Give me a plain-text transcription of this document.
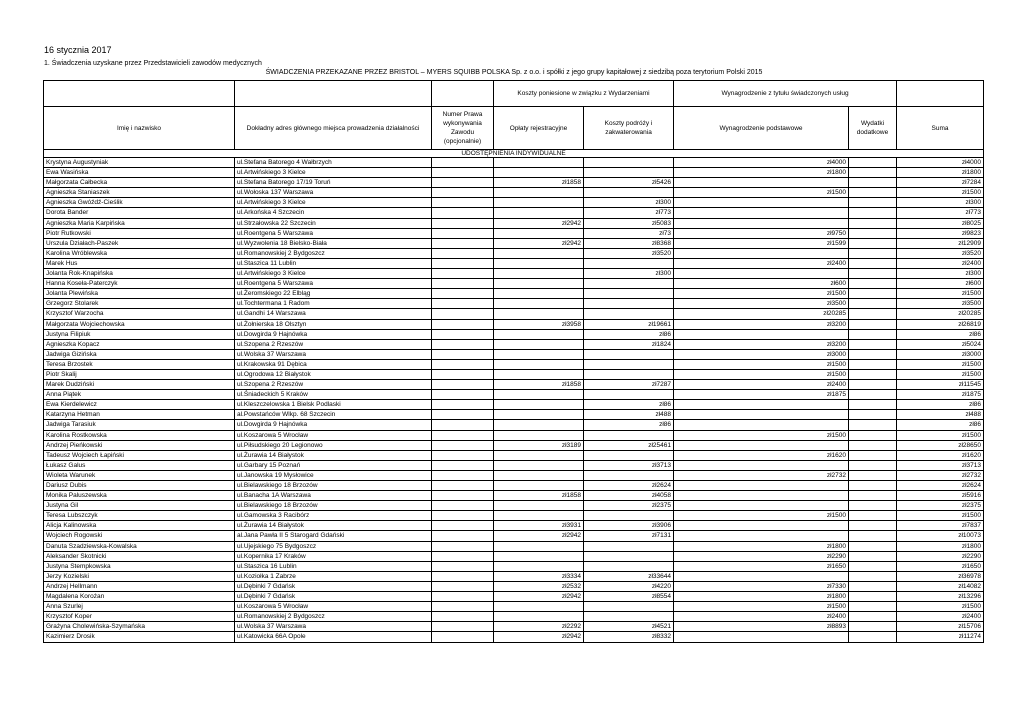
16 stycznia 2017
1. Świadczenia uzyskane przez Przedstawicieli zawodów medycznych
ŚWIADCZENIA PRZEKAZANE PRZEZ BRISTOL – MYERS SQUIBB POLSKA Sp. z o.o. i spółki z jego grupy kapitałowej z siedzibą poza terytorium Polski 2015
			Koszty poniesione w związku z Wydarzeniami		Wynagrodzenie z tytułu świadczonych usług		
Imię i nazwisko	Dokładny adres głównego miejsca prowadzenia działalności	Numer Prawa wykonywania Zawodu (opcjonalnie)	Opłaty rejestracyjne	Koszty podróży i zakwaterowania	Wynagrodzenie podstawowe	Wydatki dodatkowe	Suma
UDOSTĘPNIENIA INDYWIDUALNE							
Krystyna Augustyniak	ul.Stefana Batorego 4 Wałbrzych				zł4000		zł4000
Ewa Wasińska	ul.Artwińskiego 3 Kielce				zł1800		zł1800
Małgorzata Całbecka	ul.Stefana Batorego 17/19 Toruń		zł1858	zł5426			zł7284
Agnieszka Staniaszek	ul.Wołoska 137 Warszawa				zł1500		zł1500
Agnieszka Gwóźdź-Cieślik	ul.Artwińskiego 3 Kielce			zł300			zł300
Dorota Bander	ul.Arkońska 4 Szczecin			zł773			zł773
Agnieszka Maria Karpińska	ul.Strzałowska 22 Szczecin		zł2942	zł5083			zł8025
Piotr Rutkowski	ul.Roentgena 5 Warszawa			zł73	zł9750		zł9823
Urszula Działach-Paszek	ul.Wyzwolenia 18 Bielsko-Biała		zł2942	zł8368	zł1599		zł12909
Karolina Wróblewska	ul.Romanowskiej 2 Bydgoszcz			zł3520			zł3520
Marek Hus	ul.Staszica 11 Lublin				zł2400		zł2400
Jolanta Rok-Knapińska	ul.Artwińskiego 3 Kielce			zł300			zł300
Hanna Koseła-Paterczyk	ul.Roentgena 5 Warszawa				zł600		zł600
Jolanta Plewińska	ul.Żeromskiego 22 Elbląg				zł1500		zł1500
Grzegorz Stolarek	ul.Tochtermana 1 Radom				zł3500		zł3500
Krzysztof Warzocha	ul.Gandhi 14 Warszawa				zł20285		zł20285
Małgorzata Wojciechowska	ul.Żołnierska 18 Olsztyn		zł3958	zł19661	zł3200		zł26819
Justyna Filipiuk	ul.Dowgirda 9 Hajnówka			zł86			zł86
Agnieszka Kopacz	ul.Szopena 2 Rzeszów			zł1824	zł3200		zł5024
Jadwiga Gizińska	ul.Wolska 37 Warszawa				zł3000		zł3000
Teresa Brzostek	ul.Krakowska 91 Dębica				zł1500		zł1500
Piotr Skalij	ul.Ogrodowa 12 Białystok				zł1500		zł1500
Marek Dudziński	ul.Szopena 2 Rzeszów		zł1858	zł7287	zł2400		zł11545
Anna Piątek	ul.Śniadeckich 5 Kraków				zł1875		zł1875
Ewa Kierdelewicz	ul.Kleszczelowska 1 Bielsk Podlaski			zł86			zł86
Katarzyna Hetman	al.Powstańców Wlkp. 68 Szczecin			zł488			zł488
Jadwiga Tarasiuk	ul.Dowgirda 9 Hajnówka			zł86			zł86
Karolina Rostkowska	ul.Koszarowa 5 Wrocław				zł1500		zł1500
Andrzej Pieńkowski	ul.Piłsudskiego 20 Legionowo		zł3189	zł25461			zł28650
Tadeusz Wojciech Łapiński	ul.Żurawia 14 Białystok				zł1620		zł1620
Łukasz Galus	ul.Garbary 15 Poznań			zł3713			zł3713
Wioleta Warunek	ul.Janowska 19 Mysłowice				zł2732		zł2732
Dariusz Dubis	ul.Bielawskiego 18 Brzozów			zł2624			zł2624
Monika Paluszewska	ul.Banacha 1A Warszawa		zł1858	zł4058			zł5916
Justyna Gil	ul.Bielawskiego 18 Brzozów			zł2375			zł2375
Teresa Lubszczyk	ul.Gamowska 3 Racibórz				zł1500		zł1500
Alicja Kalinowska	ul.Żurawia 14 Białystok		zł3931	zł3906			zł7837
Wojciech Rogowski	al.Jana Pawła II 5 Starogard Gdański		zł2942	zł7131			zł10073
Danuta Szadziewska-Kowalska	ul.Ujejskiego 75 Bydgoszcz				zł1800		zł1800
Aleksander Skotnicki	ul.Kopernika 17 Kraków				zł2290		zł2290
Justyna Stempkowska	ul.Staszica 16 Lublin				zł1650		zł1650
Jerzy Kozielski	ul.Koziołka 1 Zabrze		zł3334	zł33644			zł36978
Andrzej Hellmann	ul.Dębinki 7 Gdańsk		zł2532	zł4220	zł7330		zł14082
Magdalena Korożan	ul.Dębinki 7 Gdańsk		zł2942	zł8554	zł1800		zł13296
Anna Szurlej	ul.Koszarowa 5 Wrocław				zł1500		zł1500
Krzysztof Koper	ul.Romanowskiej 2 Bydgoszcz				zł2400		zł2400
Grażyna Cholewińska-Szymańska	ul.Wolska 37 Warszawa		zł2292	zł4521	zł8893		zł15706
Kazimierz Drosik	ul.Katowicka 66A Opole		zł2942	zł8332			zł11274
